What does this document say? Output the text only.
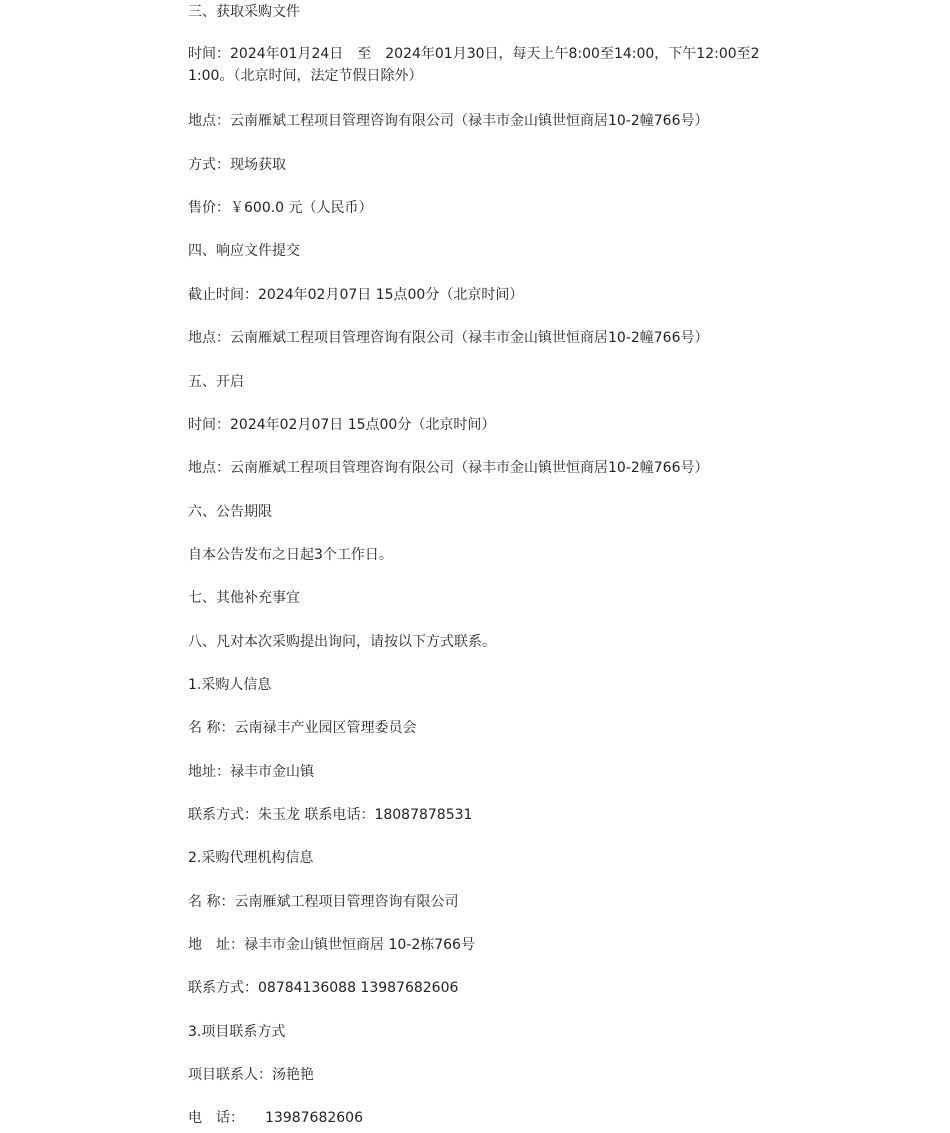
三、获取采购文件

时间：2024年01月24日　至　2024年01月30日，每天上午8:00至14:00，下午12:00至21:00。（北京时间，法定节假日除外）

地点：云南雁斌工程项目管理咨询有限公司（禄丰市金山镇世恒商居10-2幢766号）

方式：现场获取

售价：￥600.0 元（人民币）

四、响应文件提交

截止时间：2024年02月07日 15点00分（北京时间）

地点：云南雁斌工程项目管理咨询有限公司（禄丰市金山镇世恒商居10-2幢766号）

五、开启

时间：2024年02月07日 15点00分（北京时间）

地点：云南雁斌工程项目管理咨询有限公司（禄丰市金山镇世恒商居10-2幢766号）

六、公告期限

自本公告发布之日起3个工作日。

七、其他补充事宜

八、凡对本次采购提出询问，请按以下方式联系。

1.采购人信息

名 称：云南禄丰产业园区管理委员会

地址：禄丰市金山镇

联系方式：朱玉龙 联系电话：18087878531

2.采购代理机构信息

名 称：云南雁斌工程项目管理咨询有限公司

地　址：禄丰市金山镇世恒商居 10-2栋766号

联系方式：08784136088 13987682606

3.项目联系方式

项目联系人：汤艳艳

电　话：　　13987682606
